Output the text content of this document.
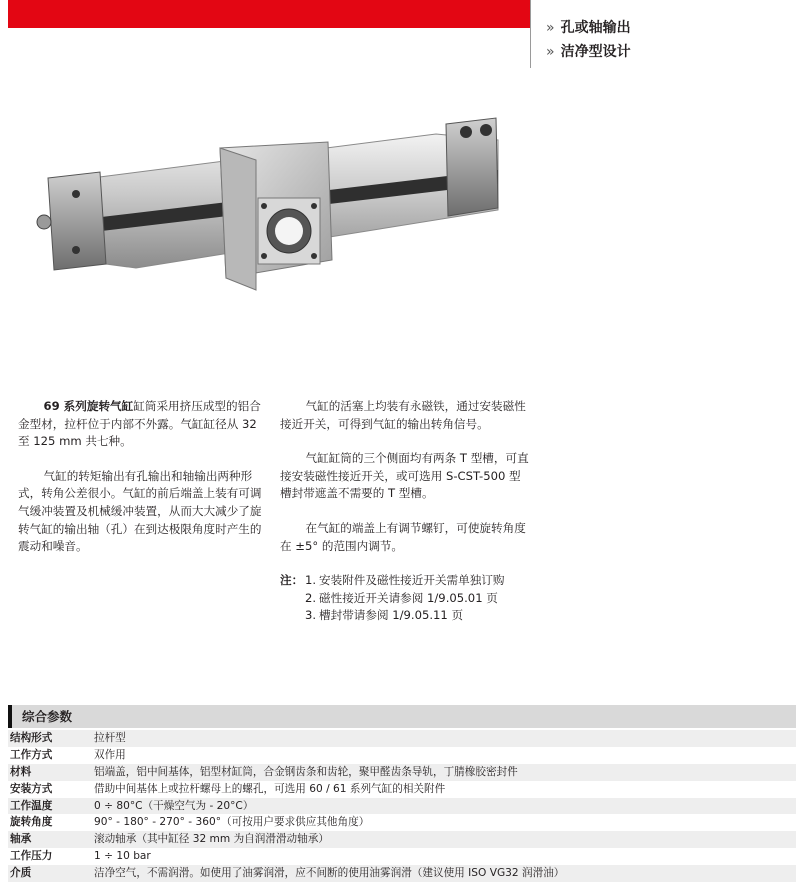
» 孔或轴输出
» 洁净型设计

69 系列旋转气缸缸筒采用挤压成型的铝合金型材，拉杆位于内部不外露。气缸缸径从 32 至 125 mm 共七种。

气缸的转矩输出有孔输出和轴输出两种形式，转角公差很小。气缸的前后端盖上装有可调气缓冲装置及机械缓冲装置，从而大大减少了旋转气缸的输出轴（孔）在到达极限角度时产生的震动和噪音。

气缸的活塞上均装有永磁铁，通过安装磁性接近开关，可得到气缸的输出转角信号。

气缸缸筒的三个侧面均有两条 T 型槽，可直接安装磁性接近开关，或可选用 S-CST-500 型槽封带遮盖不需要的 T 型槽。

在气缸的端盖上有调节螺钉，可使旋转角度在 ±5° 的范围内调节。

注： 1. 安装附件及磁性接近开关需单独订购
2. 磁性接近开关请参阅 1/9.05.01 页
3. 槽封带请参阅 1/9.05.11 页
综合参数
结构形式	拉杆型
工作方式	双作用
材料	铝端盖，铝中间基体，铝型材缸筒，合金钢齿条和齿轮，聚甲醛齿条导轨，丁腈橡胶密封件
安装方式	借助中间基体上或拉杆螺母上的螺孔，可选用 60 / 61 系列气缸的相关附件
工作温度	0 ÷ 80°C（干燥空气为 - 20°C）
旋转角度	90° - 180° - 270° - 360°（可按用户要求供应其他角度）
轴承	滚动轴承（其中缸径 32 mm 为自润滑滑动轴承）
工作压力	1 ÷ 10 bar
介质	洁净空气，不需润滑。如使用了油雾润滑，应不间断的使用油雾润滑（建议使用 ISO VG32 润滑油）
